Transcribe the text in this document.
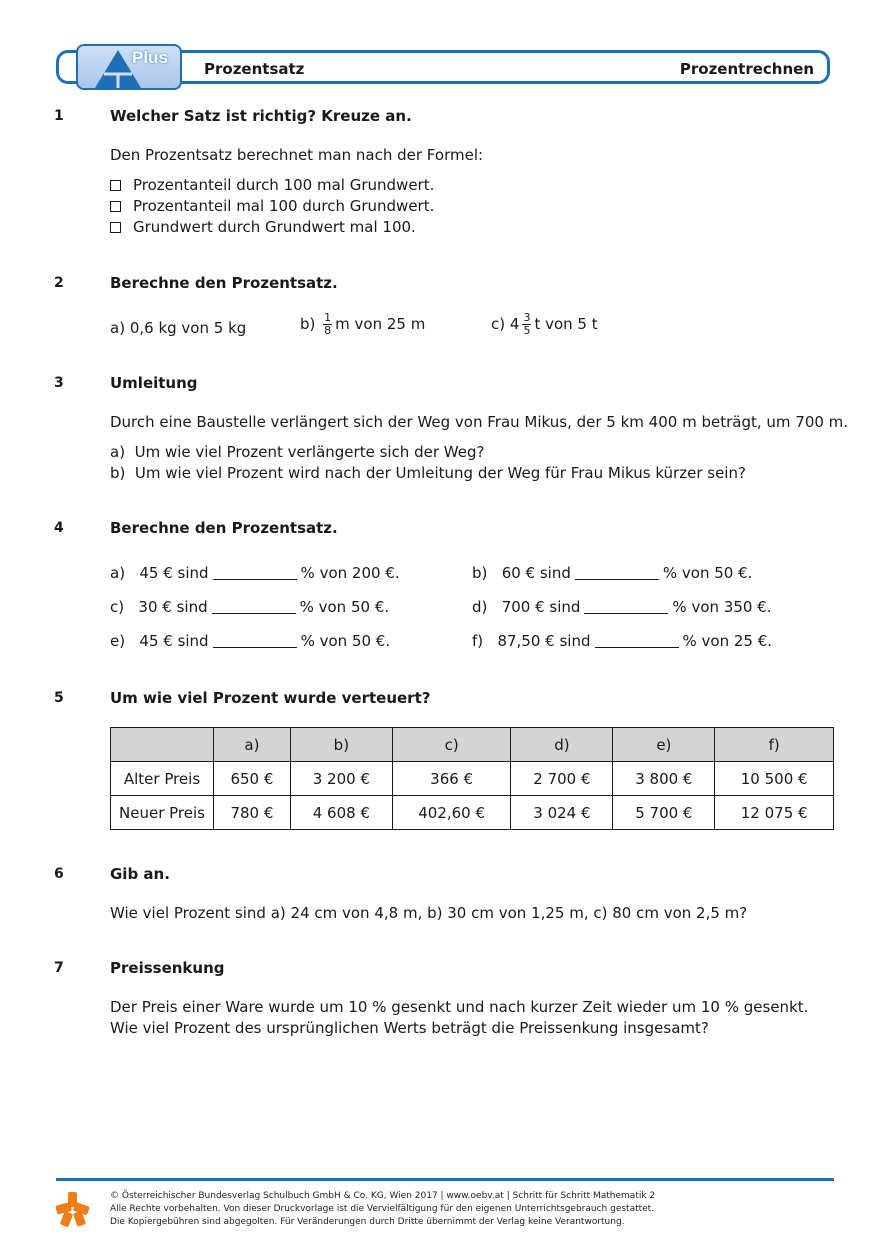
Plus
Prozentsatz	Prozentrechnen
1	Welcher Satz ist richtig? Kreuze an.
Den Prozentsatz berechnet man nach der Formel:
Prozentanteil durch 100 mal Grundwert.
Prozentanteil mal 100 durch Grundwert.
Grundwert durch Grundwert mal 100.
2	Berechne den Prozentsatz.
a) 0,6 kg von 5 kg	$b) \frac{1}{8}$ m von 25 m	c) $4 \frac{3}{5}$ t von 5 t
3	Umleitung
Durch eine Baustelle verlängert sich der Weg von Frau Mikus, der 5 km 400 m beträgt, um 700 m.
a) Um wie viel Prozent verlängerte sich der Weg?
b) Um wie viel Prozent wird nach der Umleitung der Weg für Frau Mikus kürzer sein?
4	Berechne den Prozentsatz.
a) 45 € sind	% von 200 €.	b) 60 € sind	% von 50 €.
c) 30 € sind	% von 50 €.	d) 700 € sind	% von 350 €.
e) 45 € sind	% von 50 €.	f) 87,50 € sind	% von 25 €.
5	Um wie viel Prozent wurde verteuert?
	a)	b)	c)	d)	e)	f)
Alter Preis	650 €	3 200 €	366 €	2 700 €	3 800 €	10 500 €
Neuer Preis	780 €	4 608 €	402,60 €	3 024 €	5 700 €	12 075 €
6	Gib an.
Wie viel Prozent sind a) 24 cm von 4,8 m, b) 30 cm von 1,25 m, c) 80 cm von 2,5 m?
7	Preissenkung
Der Preis einer Ware wurde um 10 % gesenkt und nach kurzer Zeit wieder um 10 % gesenkt.
Wie viel Prozent des ursprünglichen Werts beträgt die Preissenkung insgesamt?
© Österreichischer Bundesverlag Schulbuch GmbH & Co. KG, Wien 2017 | www.oebv.at | Schritt für Schritt Mathematik 2
Alle Rechte vorbehalten. Von dieser Druckvorlage ist die Vervielfältigung für den eigenen Unterrichtsgebrauch gestattet.
Die Kopiergebühren sind abgegolten. Für Veränderungen durch Dritte übernimmt der Verlag keine Verantwortung.
